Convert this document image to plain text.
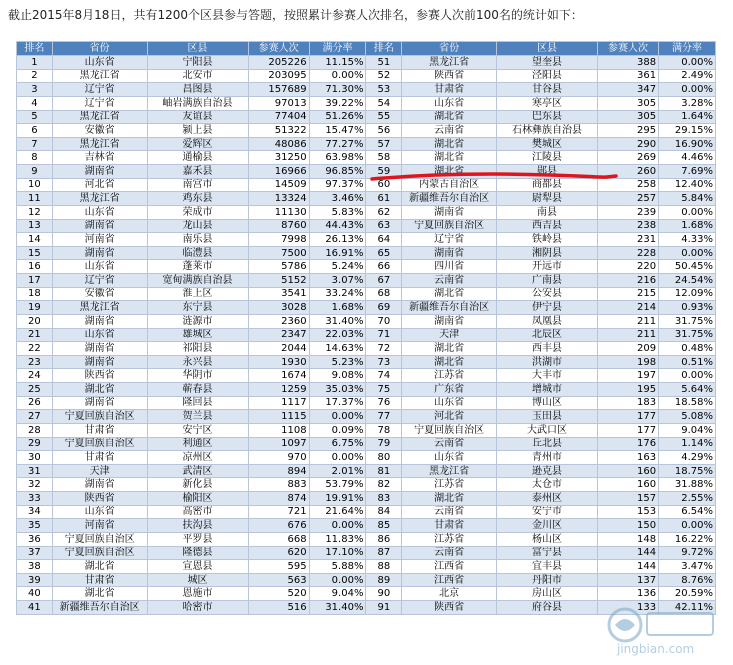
截止2015年8月18日，共有1200个区县参与答题，按照累计参赛人次排名，参赛人次前100名的统计如下：
排名	省份	区县	参赛人次	满分率	排名	省份	区县	参赛人次	满分率
1	山东省	宁阳县	205226	11.15%	51	黑龙江省	望奎县	388	0.00%
2	黑龙江省	北安市	203095	0.00%	52	陕西省	泾阳县	361	2.49%
3	辽宁省	昌图县	157689	71.30%	53	甘肃省	甘谷县	347	0.00%
4	辽宁省	岫岩满族自治县	97013	39.22%	54	山东省	寒亭区	305	3.28%
5	黑龙江省	友谊县	77404	51.26%	55	湖北省	巴东县	305	1.64%
6	安徽省	颍上县	51322	15.47%	56	云南省	石林彝族自治县	295	29.15%
7	黑龙江省	爱辉区	48086	77.27%	57	湖北省	樊城区	290	16.90%
8	吉林省	通榆县	31250	63.98%	58	湖北省	江陵县	269	4.46%
9	湖南省	嘉禾县	16966	96.85%	59	湖北省	郧县	260	7.69%
10	河北省	南宫市	14509	97.37%	60	内蒙古自治区	商都县	258	12.40%
11	黑龙江省	鸡东县	13324	3.46%	61	新疆维吾尔自治区	尉犁县	257	5.84%
12	山东省	荣成市	11130	5.83%	62	湖南省	南县	239	0.00%
13	湖南省	龙山县	8760	44.43%	63	宁夏回族自治区	西吉县	238	1.68%
14	河南省	南乐县	7998	26.13%	64	辽宁省	铁岭县	231	4.33%
15	湖南省	临澧县	7500	16.91%	65	湖南省	湘阴县	228	0.00%
16	山东省	蓬莱市	5786	5.24%	66	四川省	开远市	220	50.45%
17	辽宁省	宽甸满族自治县	5152	3.07%	67	云南省	广南县	216	24.54%
18	安徽省	淮上区	3541	33.24%	68	湖北省	公安县	215	12.09%
19	黑龙江省	东宁县	3028	1.68%	69	新疆维吾尔自治区	伊宁县	214	0.93%
20	湖南省	涟源市	2360	31.40%	70	湖南省	凤凰县	211	31.75%
21	山东省	雄城区	2347	22.03%	71	天津	北辰区	211	31.75%
22	湖南省	祁阳县	2044	14.63%	72	湖北省	西丰县	209	0.48%
23	湖南省	永兴县	1930	5.23%	73	湖北省	洪湖市	198	0.51%
24	陕西省	华阴市	1674	9.08%	74	江苏省	大丰市	197	0.00%
25	湖北省	蕲春县	1259	35.03%	75	广东省	增城市	195	5.64%
26	湖南省	隆回县	1117	17.37%	76	山东省	博山区	183	18.58%
27	宁夏回族自治区	贺兰县	1115	0.00%	77	河北省	玉田县	177	5.08%
28	甘肃省	安宁区	1108	0.09%	78	宁夏回族自治区	大武口区	177	9.04%
29	宁夏回族自治区	利通区	1097	6.75%	79	云南省	丘北县	176	1.14%
30	甘肃省	凉州区	970	0.00%	80	山东省	青州市	163	4.29%
31	天津	武清区	894	2.01%	81	黑龙江省	逊克县	160	18.75%
32	湖南省	新化县	883	53.79%	82	江苏省	太仓市	160	31.88%
33	陕西省	榆阳区	874	19.91%	83	湖北省	泰州区	157	2.55%
34	山东省	高密市	721	21.64%	84	云南省	安宁市	153	6.54%
35	河南省	扶沟县	676	0.00%	85	甘肃省	金川区	150	0.00%
36	宁夏回族自治区	平罗县	668	11.83%	86	江苏省	杨山区	148	16.22%
37	宁夏回族自治区	隆德县	620	17.10%	87	云南省	富宁县	144	9.72%
38	湖北省	宣恩县	595	5.88%	88	江西省	宜丰县	144	3.47%
39	甘肃省	城区	563	0.00%	89	江西省	丹阳市	137	8.76%
40	湖北省	恩施市	520	9.04%	90	北京	房山区	136	20.59%
41	新疆维吾尔自治区	哈密市	516	31.40%	91	陕西省	府谷县	133	42.11%
jingbian.com
